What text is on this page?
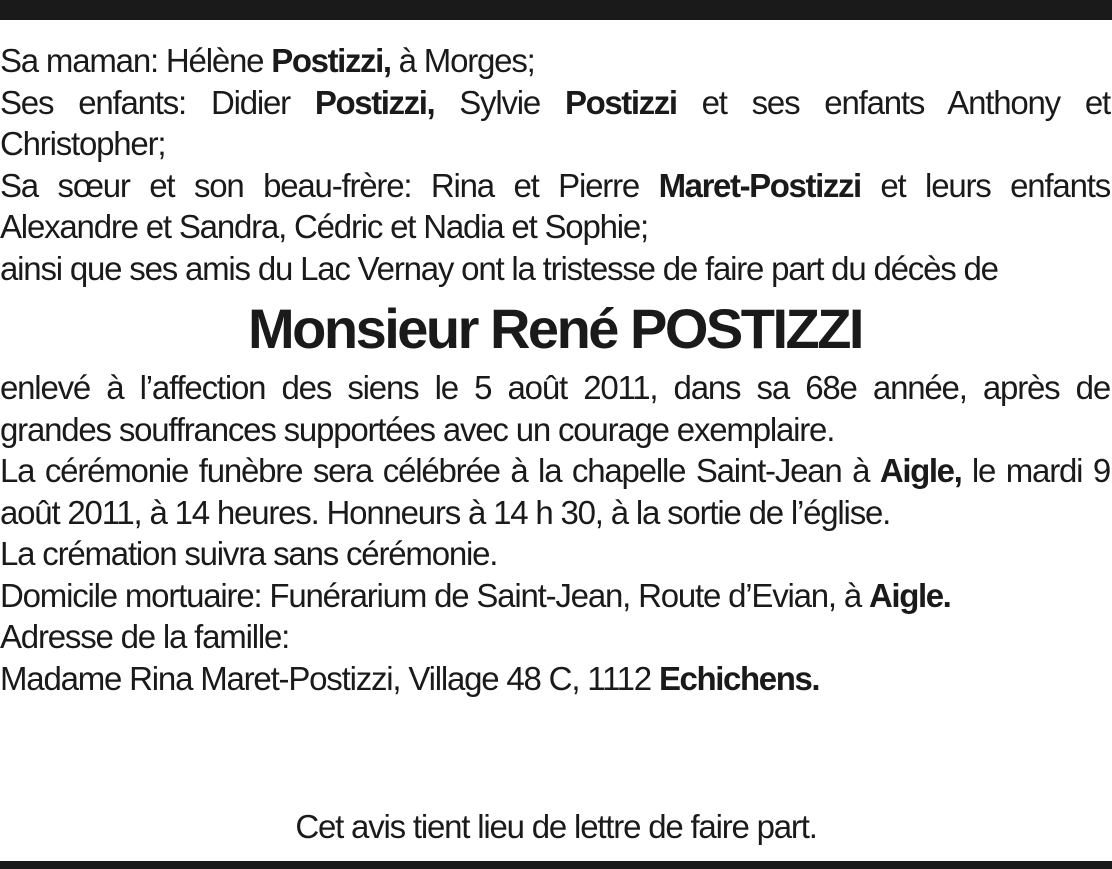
Sa maman: Hélène Postizzi, à Morges;

Ses enfants: Didier Postizzi, Sylvie Postizzi et ses enfants Anthony et Christopher;

Sa sœur et son beau-frère: Rina et Pierre Maret-Postizzi et leurs enfants Alexandre et Sandra, Cédric et Nadia et Sophie;

ainsi que ses amis du Lac Vernay ont la tristesse de faire part du décès de

Monsieur René POSTIZZI

enlevé à l’affection des siens le 5 août 2011, dans sa 68e année, après de grandes souffrances supportées avec un courage exemplaire.

La cérémonie funèbre sera célébrée à la chapelle Saint-Jean à Aigle, le mardi 9 août 2011, à 14 heures. Honneurs à 14 h 30, à la sortie de l’église.

La crémation suivra sans cérémonie.

Domicile mortuaire: Funérarium de Saint-Jean, Route d’Evian, à Aigle.

Adresse de la famille:

Madame Rina Maret-Postizzi, Village 48 C, 1112 Echichens.

Cet avis tient lieu de lettre de faire part.
